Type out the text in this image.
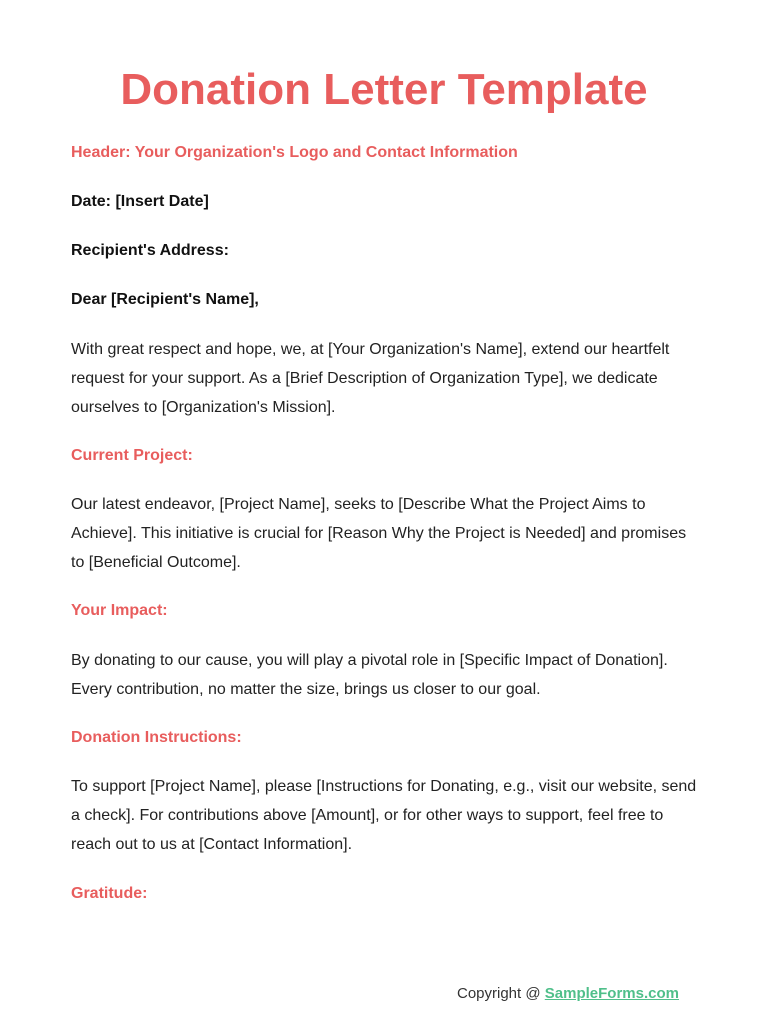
Donation Letter Template

Header: Your Organization's Logo and Contact Information

Date: [Insert Date]

Recipient's Address:

Dear [Recipient's Name],

With great respect and hope, we, at [Your Organization's Name], extend our heartfelt request for your support. As a [Brief Description of Organization Type], we dedicate ourselves to [Organization's Mission].

Current Project:

Our latest endeavor, [Project Name], seeks to [Describe What the Project Aims to Achieve]. This initiative is crucial for [Reason Why the Project is Needed] and promises to [Beneficial Outcome].

Your Impact:

By donating to our cause, you will play a pivotal role in [Specific Impact of Donation]. Every contribution, no matter the size, brings us closer to our goal.

Donation Instructions:

To support [Project Name], please [Instructions for Donating, e.g., visit our website, send a check]. For contributions above [Amount], or for other ways to support, feel free to reach out to us at [Contact Information].

Gratitude:

Copyright @ SampleForms.com
